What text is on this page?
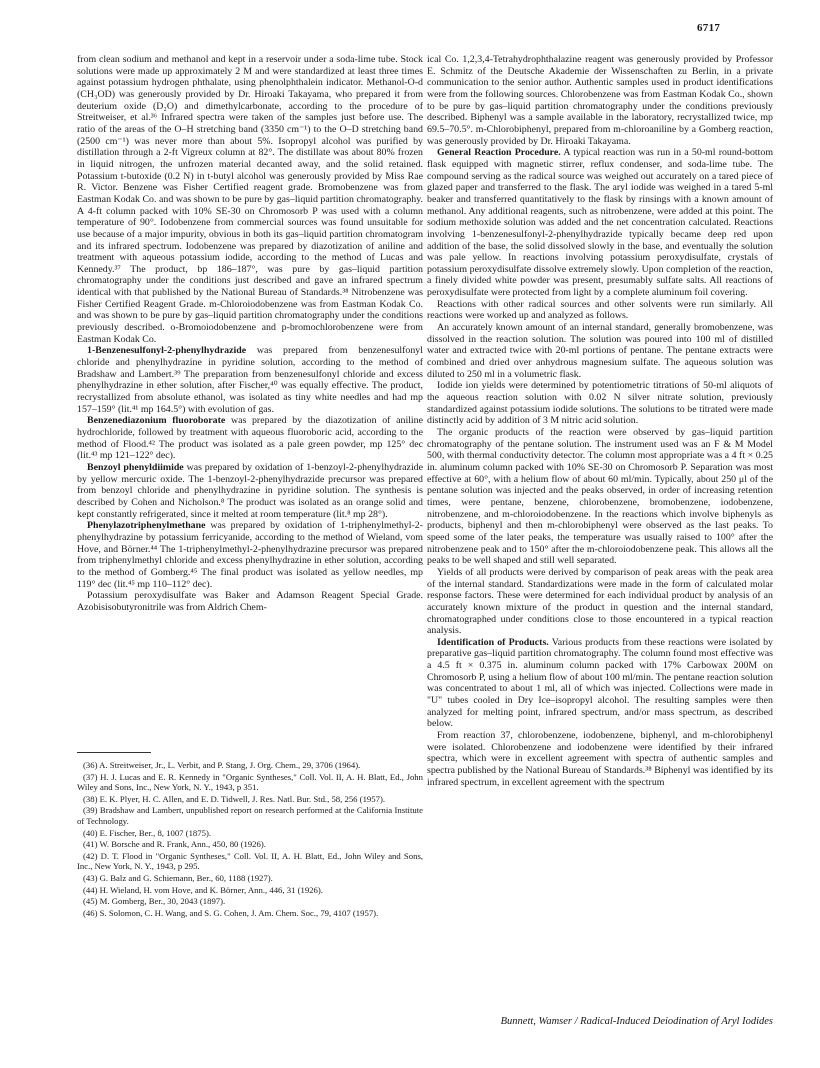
6717

from clean sodium and methanol and kept in a reservoir under a soda-lime tube. Stock solutions were made up approximately 2 M and were standardized at least three times against potassium hydrogen phthalate, using phenolphthalein indicator. Methanol-O-d (CH₃OD) was generously provided by Dr. Hiroaki Takayama, who prepared it from deuterium oxide (D₂O) and dimethylcarbonate, according to the procedure of Streitweiser, et al.³⁶ Infrared spectra were taken of the samples just before use. The ratio of the areas of the O–H stretching band (3350 cm⁻¹) to the O–D stretching band (2500 cm⁻¹) was never more than about 5%. Isopropyl alcohol was purified by distillation through a 2-ft Vigreux column at 82°. The distillate was about 80% frozen in liquid nitrogen, the unfrozen material decanted away, and the solid retained. Potassium t-butoxide (0.2 N) in t-butyl alcohol was generously provided by Miss Rae R. Victor. Benzene was Fisher Certified reagent grade. Bromobenzene was from Eastman Kodak Co. and was shown to be pure by gas–liquid partition chromatography. A 4-ft column packed with 10% SE-30 on Chromosorb P was used with a column temperature of 90°. Iodobenzene from commercial sources was found unsuitable for use because of a major impurity, obvious in both its gas–liquid partition chromatogram and its infrared spectrum. Iodobenzene was prepared by diazotization of aniline and treatment with aqueous potassium iodide, according to the method of Lucas and Kennedy.³⁷ The product, bp 186–187°, was pure by gas–liquid partition chromatography under the conditions just described and gave an infrared spectrum identical with that published by the National Bureau of Standards.³⁸ Nitrobenzene was Fisher Certified Reagent Grade. m-Chloroiodobenzene was from Eastman Kodak Co. and was shown to be pure by gas–liquid partition chromatography under the conditions previously described. o-Bromoiodobenzene and p-bromochlorobenzene were from Eastman Kodak Co.

1-Benzenesulfonyl-2-phenylhydrazide was prepared from benzenesulfonyl chloride and phenylhydrazine in pyridine solution, according to the method of Bradshaw and Lambert.³⁹ The preparation from benzenesulfonyl chloride and excess phenylhydrazine in ether solution, after Fischer,⁴⁰ was equally effective. The product, recrystallized from absolute ethanol, was isolated as tiny white needles and had mp 157–159° (lit.⁴¹ mp 164.5°) with evolution of gas.

Benzenediazonium fluoroborate was prepared by the diazotization of aniline hydrochloride, followed by treatment with aqueous fluoroboric acid, according to the method of Flood.⁴² The product was isolated as a pale green powder, mp 125° dec (lit.⁴³ mp 121–122° dec).

Benzoyl phenyldiimide was prepared by oxidation of 1-benzoyl-2-phenylhydrazide by yellow mercuric oxide. The 1-benzoyl-2-phenylhydrazide precursor was prepared from benzoyl chloride and phenylhydrazine in pyridine solution. The synthesis is described by Cohen and Nicholson.⁸ The product was isolated as an orange solid and kept constantly refrigerated, since it melted at room temperature (lit.⁸ mp 28°).

Phenylazotriphenylmethane was prepared by oxidation of 1-triphenylmethyl-2-phenylhydrazine by potassium ferricyanide, according to the method of Wieland, vom Hove, and Börner.⁴⁴ The 1-triphenylmethyl-2-phenylhydrazine precursor was prepared from triphenylmethyl chloride and excess phenylhydrazine in ether solution, according to the method of Gomberg.⁴⁵ The final product was isolated as yellow needles, mp 119° dec (lit.⁴⁵ mp 110–112° dec).

Potassium peroxydisulfate was Baker and Adamson Reagent Special Grade. Azobisisobutyronitrile was from Aldrich Chem-

(36) A. Streitweiser, Jr., L. Verbit, and P. Stang, J. Org. Chem., 29, 3706 (1964).
(37) H. J. Lucas and E. R. Kennedy in "Organic Syntheses," Coll. Vol. II, A. H. Blatt, Ed., John Wiley and Sons, Inc., New York, N. Y., 1943, p 351.
(38) E. K. Plyer, H. C. Allen, and E. D. Tidwell, J. Res. Natl. Bur. Std., 58, 256 (1957).
(39) Bradshaw and Lambert, unpublished report on research performed at the California Institute of Technology.
(40) E. Fischer, Ber., 8, 1007 (1875).
(41) W. Borsche and R. Frank, Ann., 450, 80 (1926).
(42) D. T. Flood in "Organic Syntheses," Coll. Vol. II, A. H. Blatt, Ed., John Wiley and Sons, Inc., New York, N. Y., 1943, p 295.
(43) G. Balz and G. Schiemann, Ber., 60, 1188 (1927).
(44) H. Wieland, H. vom Hove, and K. Börner, Ann., 446, 31 (1926).
(45) M. Gomberg, Ber., 30, 2043 (1897).
(46) S. Solomon, C. H. Wang, and S. G. Cohen, J. Am. Chem. Soc., 79, 4107 (1957).

ical Co. 1,2,3,4-Tetrahydrophthalazine reagent was generously provided by Professor E. Schmitz of the Deutsche Akademie der Wissenschaften zu Berlin, in a private communication to the senior author. Authentic samples used in product identifications were from the following sources. Chlorobenzene was from Eastman Kodak Co., shown to be pure by gas–liquid partition chromatography under the conditions previously described. Biphenyl was a sample available in the laboratory, recrystallized twice, mp 69.5–70.5°. m-Chlorobiphenyl, prepared from m-chloroaniline by a Gomberg reaction, was generously provided by Dr. Hiroaki Takayama.

General Reaction Procedure. A typical reaction was run in a 50-ml round-bottom flask equipped with magnetic stirrer, reflux condenser, and soda-lime tube. The compound serving as the radical source was weighed out accurately on a tared piece of glazed paper and transferred to the flask. The aryl iodide was weighed in a tared 5-ml beaker and transferred quantitatively to the flask by rinsings with a known amount of methanol. Any additional reagents, such as nitrobenzene, were added at this point. The sodium methoxide solution was added and the net concentration calculated. Reactions involving 1-benzenesulfonyl-2-phenylhydrazide typically became deep red upon addition of the base, the solid dissolved slowly in the base, and eventually the solution was pale yellow. In reactions involving potassium peroxydisulfate, crystals of potassium peroxydisulfate dissolve extremely slowly. Upon completion of the reaction, a finely divided white powder was present, presumably sulfate salts. All reactions of peroxydisulfate were protected from light by a complete aluminum foil covering.

Reactions with other radical sources and other solvents were run similarly. All reactions were worked up and analyzed as follows.

An accurately known amount of an internal standard, generally bromobenzene, was dissolved in the reaction solution. The solution was poured into 100 ml of distilled water and extracted twice with 20-ml portions of pentane. The pentane extracts were combined and dried over anhydrous magnesium sulfate. The aqueous solution was diluted to 250 ml in a volumetric flask.

Iodide ion yields were determined by potentiometric titrations of 50-ml aliquots of the aqueous reaction solution with 0.02 N silver nitrate solution, previously standardized against potassium iodide solutions. The solutions to be titrated were made distinctly acid by addition of 3 M nitric acid solution.

The organic products of the reaction were observed by gas–liquid partition chromatography of the pentane solution. The instrument used was an F & M Model 500, with thermal conductivity detector. The column most appropriate was a 4 ft × 0.25 in. aluminum column packed with 10% SE-30 on Chromosorb P. Separation was most effective at 60°, with a helium flow of about 60 ml/min. Typically, about 250 μl of the pentane solution was injected and the peaks observed, in order of increasing retention times, were pentane, benzene, chlorobenzene, bromobenzene, iodobenzene, nitrobenzene, and m-chloroiodobenzene. In the reactions which involve biphenyls as products, biphenyl and then m-chlorobiphenyl were observed as the last peaks. To speed some of the later peaks, the temperature was usually raised to 100° after the nitrobenzene peak and to 150° after the m-chloroiodobenzene peak. This allows all the peaks to be well shaped and still well separated.

Yields of all products were derived by comparison of peak areas with the peak area of the internal standard. Standardizations were made in the form of calculated molar response factors. These were determined for each individual product by analysis of an accurately known mixture of the product in question and the internal standard, chromatographed under conditions close to those encountered in a typical reaction analysis.

Identification of Products. Various products from these reactions were isolated by preparative gas–liquid partition chromatography. The column found most effective was a 4.5 ft × 0.375 in. aluminum column packed with 17% Carbowax 200M on Chromosorb P, using a helium flow of about 100 ml/min. The pentane reaction solution was concentrated to about 1 ml, all of which was injected. Collections were made in "U" tubes cooled in Dry Ice–isopropyl alcohol. The resulting samples were then analyzed for melting point, infrared spectrum, and/or mass spectrum, as described below.

From reaction 37, chlorobenzene, iodobenzene, biphenyl, and m-chlorobiphenyl were isolated. Chlorobenzene and iodobenzene were identified by their infrared spectra, which were in excellent agreement with spectra of authentic samples and spectra published by the National Bureau of Standards.³⁸ Biphenyl was identified by its infrared spectrum, in excellent agreement with the spectrum

Bunnett, Wamser / Radical-Induced Deiodination of Aryl Iodides
